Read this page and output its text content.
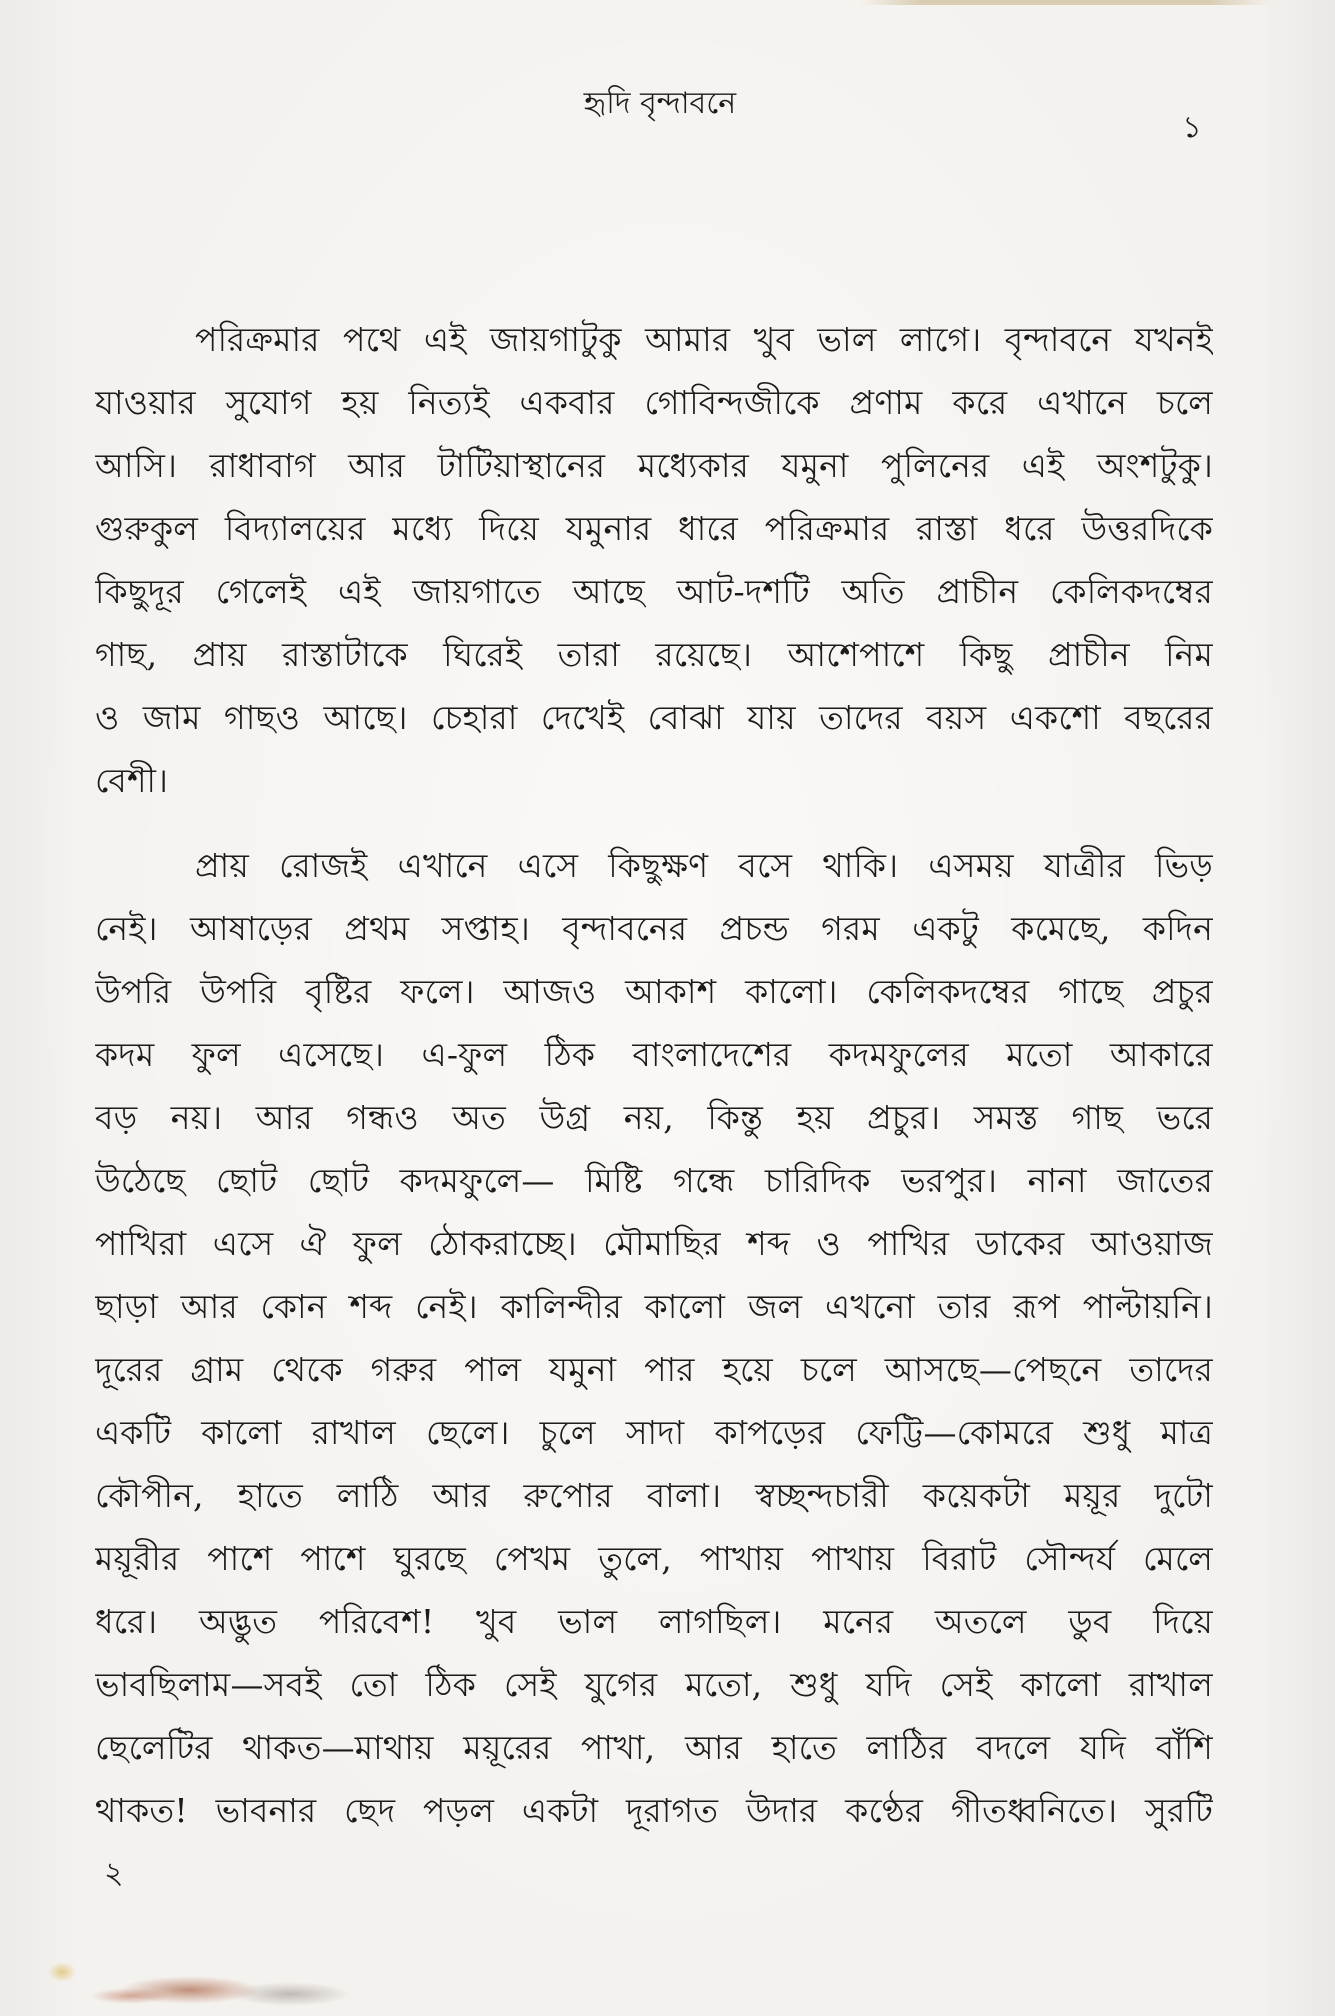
হৃদি বৃন্দাবনে
১
পরিক্রমার পথে এই জায়গাটুকু আমার খুব ভাল লাগে। বৃন্দাবনে যখনই
যাওয়ার সুযোগ হয় নিত্যই একবার গোবিন্দজীকে প্রণাম করে এখানে চলে
আসি। রাধাবাগ আর টাটিয়াস্থানের মধ্যেকার যমুনা পুলিনের এই অংশটুকু।
গুরুকুল বিদ্যালয়ের মধ্যে দিয়ে যমুনার ধারে পরিক্রমার রাস্তা ধরে উত্তরদিকে
কিছুদূর গেলেই এই জায়গাতে আছে আট-দশটি অতি প্রাচীন কেলিকদম্বের
গাছ, প্রায় রাস্তাটাকে ঘিরেই তারা রয়েছে। আশেপাশে কিছু প্রাচীন নিম
ও জাম গাছও আছে। চেহারা দেখেই বোঝা যায় তাদের বয়স একশো বছরের
বেশী।
প্রায় রোজই এখানে এসে কিছুক্ষণ বসে থাকি। এসময় যাত্রীর ভিড়
নেই। আষাড়ের প্রথম সপ্তাহ। বৃন্দাবনের প্রচন্ড গরম একটু কমেছে, কদিন
উপরি উপরি বৃষ্টির ফলে। আজও আকাশ কালো। কেলিকদম্বের গাছে প্রচুর
কদম ফুল এসেছে। এ-ফুল ঠিক বাংলাদেশের কদমফুলের মতো আকারে
বড় নয়। আর গন্ধও অত উগ্র নয়, কিন্তু হয় প্রচুর। সমস্ত গাছ ভরে
উঠেছে ছোট ছোট কদমফুলে— মিষ্টি গন্ধে চারিদিক ভরপুর। নানা জাতের
পাখিরা এসে ঐ ফুল ঠোকরাচ্ছে। মৌমাছির শব্দ ও পাখির ডাকের আওয়াজ
ছাড়া আর কোন শব্দ নেই। কালিন্দীর কালো জল এখনো তার রূপ পাল্টায়নি।
দূরের গ্রাম থেকে গরুর পাল যমুনা পার হয়ে চলে আসছে—পেছনে তাদের
একটি কালো রাখাল ছেলে। চুলে সাদা কাপড়ের ফেট্টি—কোমরে শুধু মাত্র
কৌপীন, হাতে লাঠি আর রুপোর বালা। স্বচ্ছন্দচারী কয়েকটা ময়ূর দুটো
ময়ূরীর পাশে পাশে ঘুরছে পেখম তুলে, পাখায় পাখায় বিরাট সৌন্দর্য মেলে
ধরে। অদ্ভুত পরিবেশ! খুব ভাল লাগছিল। মনের অতলে ডুব দিয়ে
ভাবছিলাম—সবই তো ঠিক সেই যুগের মতো, শুধু যদি সেই কালো রাখাল
ছেলেটির থাকত—মাথায় ময়ূরের পাখা, আর হাতে লাঠির বদলে যদি বাঁশি
থাকত! ভাবনার ছেদ পড়ল একটা দূরাগত উদার কণ্ঠের গীতধ্বনিতে। সুরটি
২
